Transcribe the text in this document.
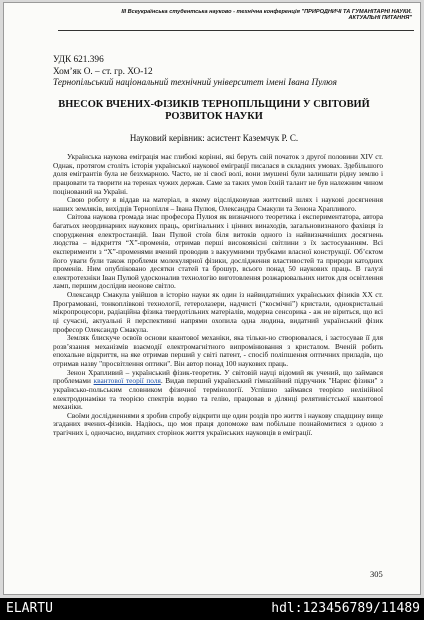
III Всеукраїнська студентська науково - технічна конференція "ПРИРОДНИЧІ ТА ГУМАНІТАРНІ НАУКИ.
АКТУАЛЬНІ ПИТАННЯ"
УДК 621.396
Хом’як О. – ст. гр. ХО-12
Тернопільський національний технічний університет імені Івана Пулюя
ВНЕСОК ВЧЕНИХ-ФІЗИКІВ ТЕРНОПІЛЬЩИНИ У СВІТОВИЙ
РОЗВИТОК НАУКИ
Науковий керівник: асистент Каземчук Р. С.

Українська наукова еміграція має глибокі корінні, які беруть свій початок з другої половини XIV ст. Однак, протягом століть історія української наукової еміграції писалася в складних умовах. Здебільшого доля емігрантів була не безхмарною. Часто, не зі своєї волі, вони змушені були залишати рідну землю і працювати та творити на теренах чужих держав. Саме за таких умов їхній талант не був належним чином поцінований на Україні.

Свою роботу я віддав на матеріал, в якому відслідковував життєвий шлях і наукові досягнення наших земляків, вихідців Тернопілля – Івана Пулюя, Олександра Смакули та Зенона Храпливого.

Світова наукова громада знає професора Пулюя як визначного теоретика і експериментатора, автора багатьох неординарних наукових праць, оригінальних і цінних винаходів, загальновизнаного фахівця із спорудження електростанцій. Іван Пулюй стоїв біля витоків одного із найвизначніших досягнень людства – відкриття “X”-променів, отримав перші високоякісні світлини з їх застосуванням. Всі експерименти з “X”-променями вчений проводив з вакуумними трубками власної конструкції. Об’єктом його уваги були також проблеми молекулярної фізики, дослідження властивостей та природи катодних променів. Ним опубліковано десятки статей та брошур, всього понад 50 наукових праць. В галузі електротехніки Іван Пулюй удосконалив технологію виготовлення розжарювальних ниток для освітлення ламп, першим дослідив неонове світло.

Олександр Смакула увійшов в історію науки як один із найвидатніших українських фізиків XX ст. Програмовані, тонкоплівкові технології, гетеролазери, надчисті (“космічні”) кристали, однокристальні мікропроцесори, радіаційна фізика твердотільних матеріалів, модерна сенсорика - аж не віриться, що всі ці сучасні, актуальні й перспективні напрями охопила одна людина, видатний український фізик професор Олександр Смакула.

Земляк блискуче освоїв основи квантової механіки, яка тільки-но створювалася, і застосував її для розв’язання механізмів взаємодії електромагнітного випромінювання з кристалом. Вченій робить епохальне відкриття, на яке отримав перший у світі патент, - спосіб поліпшення оптичних приладів, що отримав назву "просвітлення оптики". Він автор понад 100 наукових праць.

Зенон Храпливий – український фізик-теоретик. У світовій науці відомий як учений, що займався проблемами квантової теорії поля. Видав перший український гімназійний підручник "Нарис фізики" з українсько-польським словником фізичної термінології. Успішно займався теорією нелінійної електродинаміки та теорією спектрів водню та гелію, працював в ділянці релятивістської квантової механіки.

Своїми дослідженнями я зробив спробу відкрити ще один роздів про життя і наукову спадщину вище згаданих вчених-фізиків. Надіюсь, що моя праця допоможе вам побільше познайомитися з одною з трагічних і, одночасно, видатних сторінок життя українських науковців в еміграції.

305
ELARTU	hdl:123456789/11489
